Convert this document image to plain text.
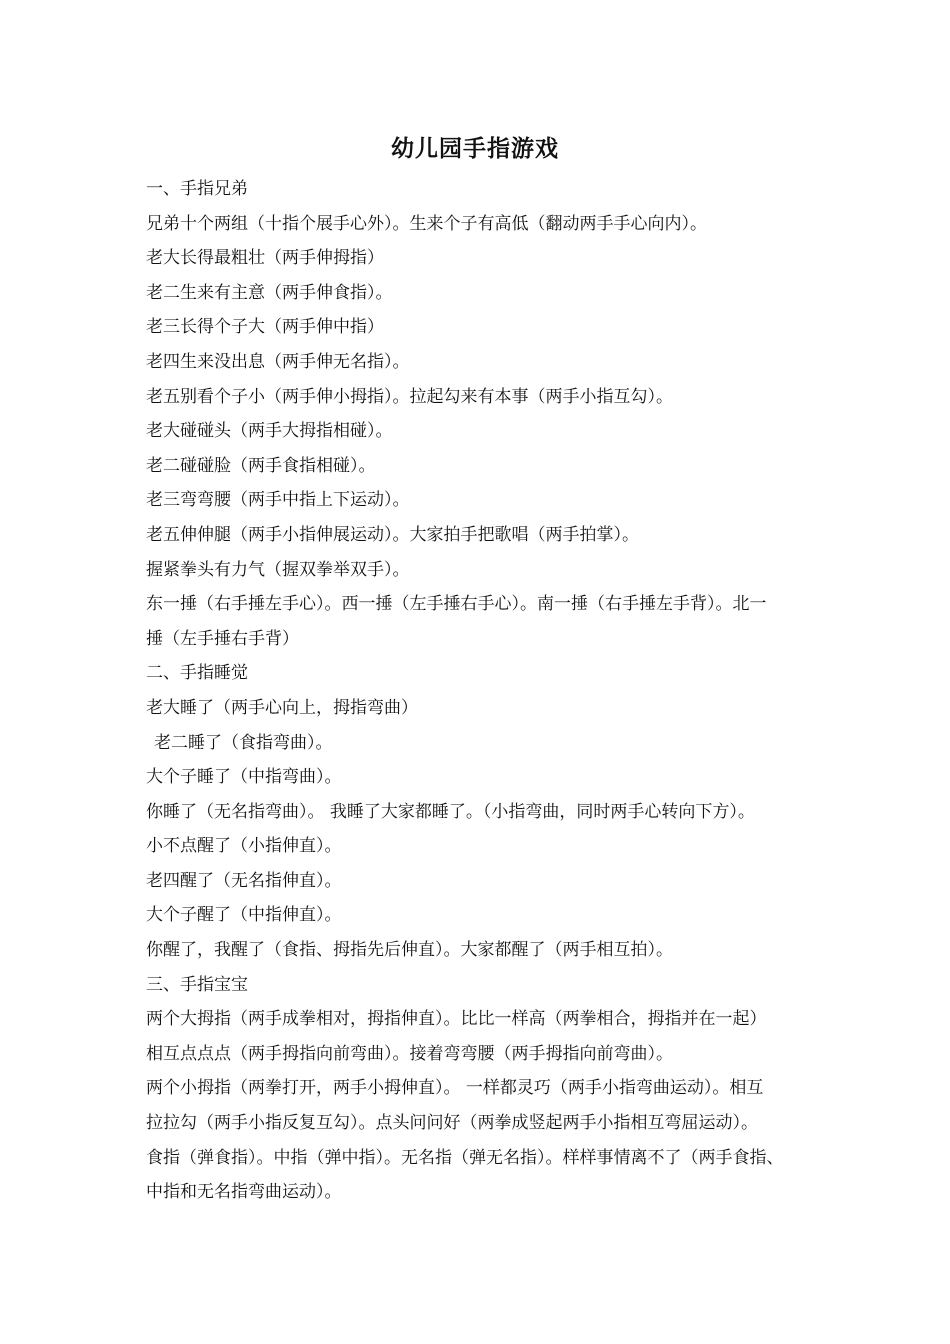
幼儿园手指游戏
一、手指兄弟
兄弟十个两组（十指个展手心外）。生来个子有高低（翻动两手手心向内）。
老大长得最粗壮（两手伸拇指）
老二生来有主意（两手伸食指）。
老三长得个子大（两手伸中指）
老四生来没出息（两手伸无名指）。
老五别看个子小（两手伸小拇指）。拉起勾来有本事（两手小指互勾）。
老大碰碰头（两手大拇指相碰）。
老二碰碰脸（两手食指相碰）。
老三弯弯腰（两手中指上下运动）。
老五伸伸腿（两手小指伸展运动）。大家拍手把歌唱（两手拍掌）。
握紧拳头有力气（握双拳举双手）。
东一捶（右手捶左手心）。西一捶（左手捶右手心）。南一捶（右手捶左手背）。北一
捶（左手捶右手背）
二、手指睡觉
老大睡了（两手心向上，拇指弯曲）
老二睡了（食指弯曲）。
大个子睡了（中指弯曲）。
你睡了（无名指弯曲）。 我睡了大家都睡了。（小指弯曲，同时两手心转向下方）。
小不点醒了（小指伸直）。
老四醒了（无名指伸直）。
大个子醒了（中指伸直）。
你醒了，我醒了（食指、拇指先后伸直）。大家都醒了（两手相互拍）。
三、手指宝宝
两个大拇指（两手成拳相对，拇指伸直）。比比一样高（两拳相合，拇指并在一起）
相互点点点（两手拇指向前弯曲）。接着弯弯腰（两手拇指向前弯曲）。
两个小拇指（两拳打开，两手小拇伸直）。 一样都灵巧（两手小指弯曲运动）。相互
拉拉勾（两手小指反复互勾）。点头问问好（两拳成竖起两手小指相互弯屈运动）。
食指（弹食指）。中指（弹中指）。无名指（弹无名指）。样样事情离不了（两手食指、
中指和无名指弯曲运动）。
